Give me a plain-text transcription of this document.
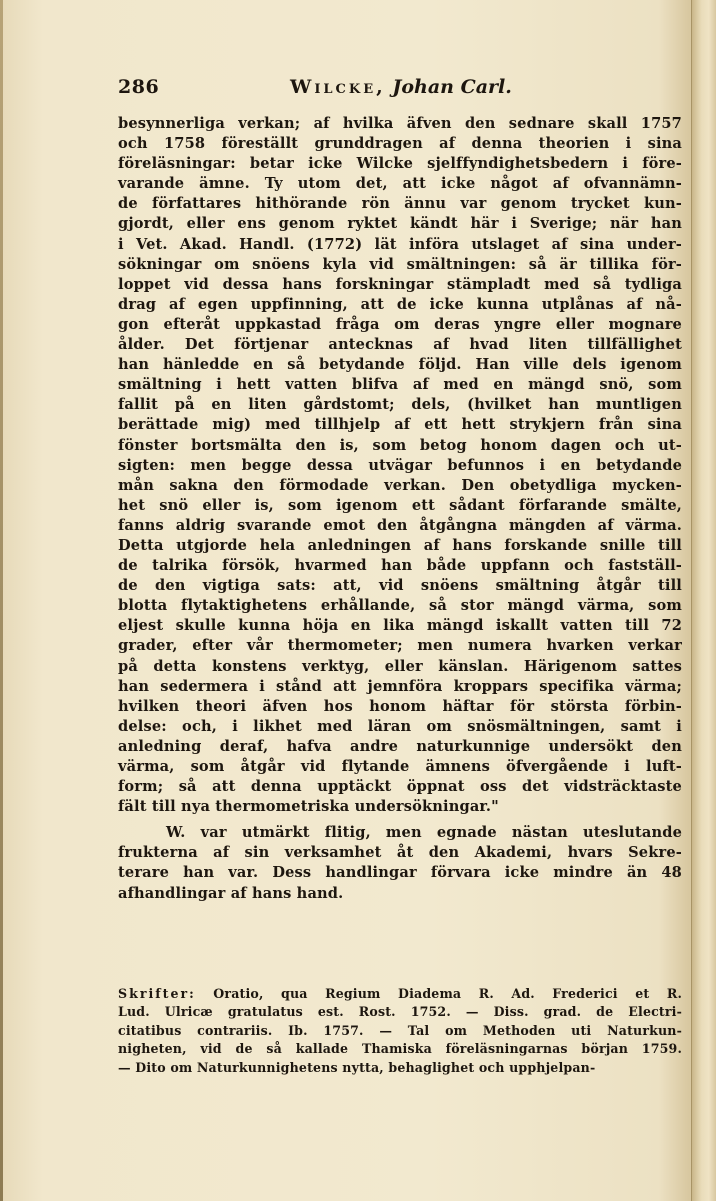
286	Wilcke, Johan Carl.
besynnerliga verkan; af hvilka äfven den sednare skall 1757
och 1758 föreställt grunddragen af denna theorien i sina
föreläsningar: betar icke Wilcke sjelffyndighetsbedern i före-
varande ämne. Ty utom det, att icke något af ofvannämn-
de författares hithörande rön ännu var genom trycket kun-
gjordt, eller ens genom ryktet kändt här i Sverige; när han
i Vet. Akad. Handl. (1772) lät införa utslaget af sina under-
sökningar om snöens kyla vid smältningen: så är tillika för-
loppet vid dessa hans forskningar stämpladt med så tydliga
drag af egen uppfinning, att de icke kunna utplånas af nå-
gon efteråt uppkastad fråga om deras yngre eller mognare
ålder. Det förtjenar antecknas af hvad liten tillfällighet
han hänledde en så betydande följd. Han ville dels igenom
smältning i hett vatten blifva af med en mängd snö, som
fallit på en liten gårdstomt; dels, (hvilket han muntligen
berättade mig) med tillhjelp af ett hett strykjern från sina
fönster bortsmälta den is, som betog honom dagen och ut-
sigten: men begge dessa utvägar befunnos i en betydande
mån sakna den förmodade verkan. Den obetydliga mycken-
het snö eller is, som igenom ett sådant förfarande smälte,
fanns aldrig svarande emot den åtgångna mängden af värma.
Detta utgjorde hela anledningen af hans forskande snille till
de talrika försök, hvarmed han både uppfann och fastställ-
de den vigtiga sats: att, vid snöens smältning åtgår till
blotta flytaktighetens erhållande, så stor mängd värma, som
eljest skulle kunna höja en lika mängd iskallt vatten till 72
grader, efter vår thermometer; men numera hvarken verkar
på detta konstens verktyg, eller känslan. Härigenom sattes
han sedermera i stånd att jemnföra kroppars specifika värma;
hvilken theori äfven hos honom häftar för största förbin-
delse: och, i likhet med läran om snösmältningen, samt i
anledning deraf, hafva andre naturkunnige undersökt den
värma, som åtgår vid flytande ämnens öfvergående i luft-
form; så att denna upptäckt öppnat oss det vidsträcktaste
fält till nya thermometriska undersökningar."
W. var utmärkt flitig, men egnade nästan uteslutande
frukterna af sin verksamhet åt den Akademi, hvars Sekre-
terare han var. Dess handlingar förvara icke mindre än 48
afhandlingar af hans hand.
Skrifter: Oratio, qua Regium Diadema R. Ad. Frederici et R.
Lud. Ulricæ gratulatus est. Rost. 1752. — Diss. grad. de Electri-
citatibus contrariis. Ib. 1757. — Tal om Methoden uti Naturkun-
nigheten, vid de så kallade Thamiska föreläsningarnas början 1759.
— Dito om Naturkunnighetens nytta, behaglighet och upphjelpan-
